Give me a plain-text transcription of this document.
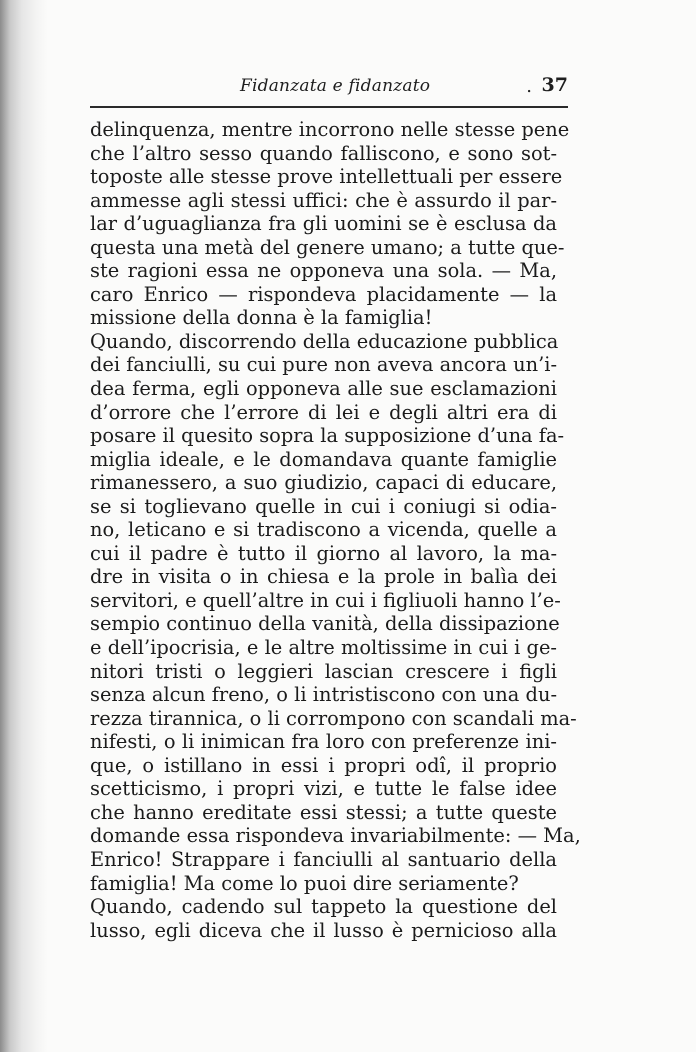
Fidanzata e fidanzato	. 37
delinquenza, mentre incorrono nelle stesse pene
che l’altro sesso quando falliscono, e sono sot-
toposte alle stesse prove intellettuali per essere
ammesse agli stessi uffici: che è assurdo il par-
lar d’uguaglianza fra gli uomini se è esclusa da
questa una metà del genere umano; a tutte que-
ste ragioni essa ne opponeva una sola. — Ma,
caro Enrico — rispondeva placidamente — la
missione della donna è la famiglia!
Quando, discorrendo della educazione pubblica
dei fanciulli, su cui pure non aveva ancora un’i-
dea ferma, egli opponeva alle sue esclamazioni
d’orrore che l’errore di lei e degli altri era di
posare il quesito sopra la supposizione d’una fa-
miglia ideale, e le domandava quante famiglie
rimanessero, a suo giudizio, capaci di educare,
se si toglievano quelle in cui i coniugi si odia-
no, leticano e si tradiscono a vicenda, quelle a
cui il padre è tutto il giorno al lavoro, la ma-
dre in visita o in chiesa e la prole in balìa dei
servitori, e quell’altre in cui i figliuoli hanno l’e-
sempio continuo della vanità, della dissipazione
e dell’ipocrisia, e le altre moltissime in cui i ge-
nitori tristi o leggieri lascian crescere i figli
senza alcun freno, o li intristiscono con una du-
rezza tirannica, o li corrompono con scandali ma-
nifesti, o li inimican fra loro con preferenze ini-
que, o istillano in essi i propri odî, il proprio
scetticismo, i propri vizi, e tutte le false idee
che hanno ereditate essi stessi; a tutte queste
domande essa rispondeva invariabilmente: — Ma,
Enrico! Strappare i fanciulli al santuario della
famiglia! Ma come lo puoi dire seriamente?
Quando, cadendo sul tappeto la questione del
lusso, egli diceva che il lusso è pernicioso alla
